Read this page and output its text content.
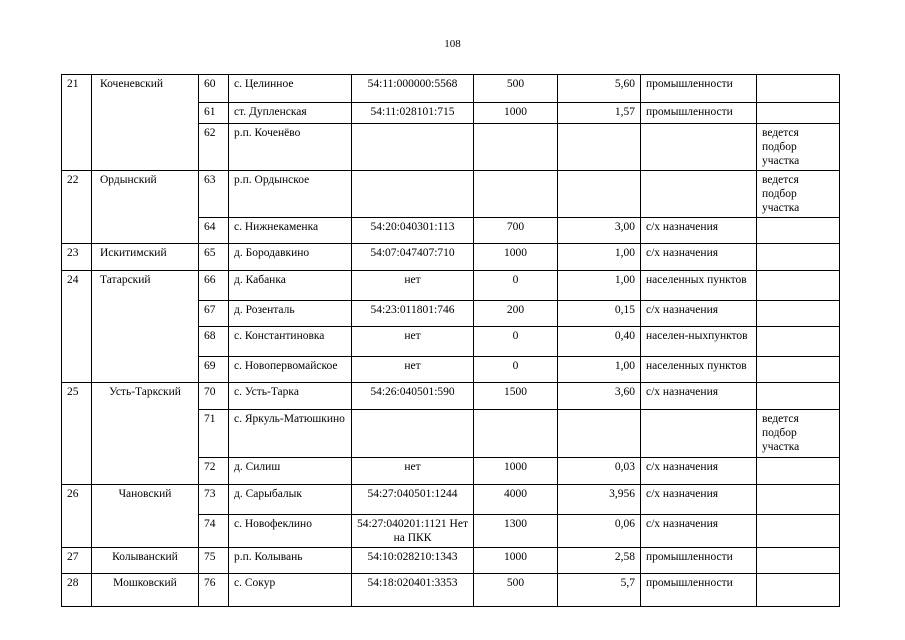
108
21	Коченевский	60	с. Целинное	54:11:000000:5568	500	5,60	промышленности	
		61	ст. Дупленская	54:11:028101:715	1000	1,57	промышленности	
		62	р.п. Коченёво					ведется подбор участка
22	Ордынский	63	р.п. Ордынское					ведется подбор участка
		64	с. Нижнекаменка	54:20:040301:113	700	3,00	с/х назначения	
23	Искитимский	65	д. Бородавкино	54:07:047407:710	1000	1,00	с/х назначения	
24	Татарский	66	д. Кабанка	нет	0	1,00	населенных пунктов	
		67	д. Розенталь	54:23:011801:746	200	0,15	с/х назначения	
		68	с. Константиновка	нет	0	0,40	населен-ныхпунктов	
		69	с. Новопервомайское	нет	0	1,00	населенных пунктов	
25	Усть-Таркский	70	с. Усть-Тарка	54:26:040501:590	1500	3,60	с/х назначения	
		71	с. Яркуль-Матюшкино					ведется подбор участка
		72	д. Силиш	нет	1000	0,03	с/х назначения	
26	Чановский	73	д. Сарыбалык	54:27:040501:1244	4000	3,956	с/х назначения	
		74	с. Новофеклино	54:27:040201:1121 Нет на ПКК	1300	0,06	с/х назначения	
27	Колыванский	75	р.п. Колывань	54:10:028210:1343	1000	2,58	промышленности	
28	Мошковский	76	с. Сокур	54:18:020401:3353	500	5,7	промышленности	
